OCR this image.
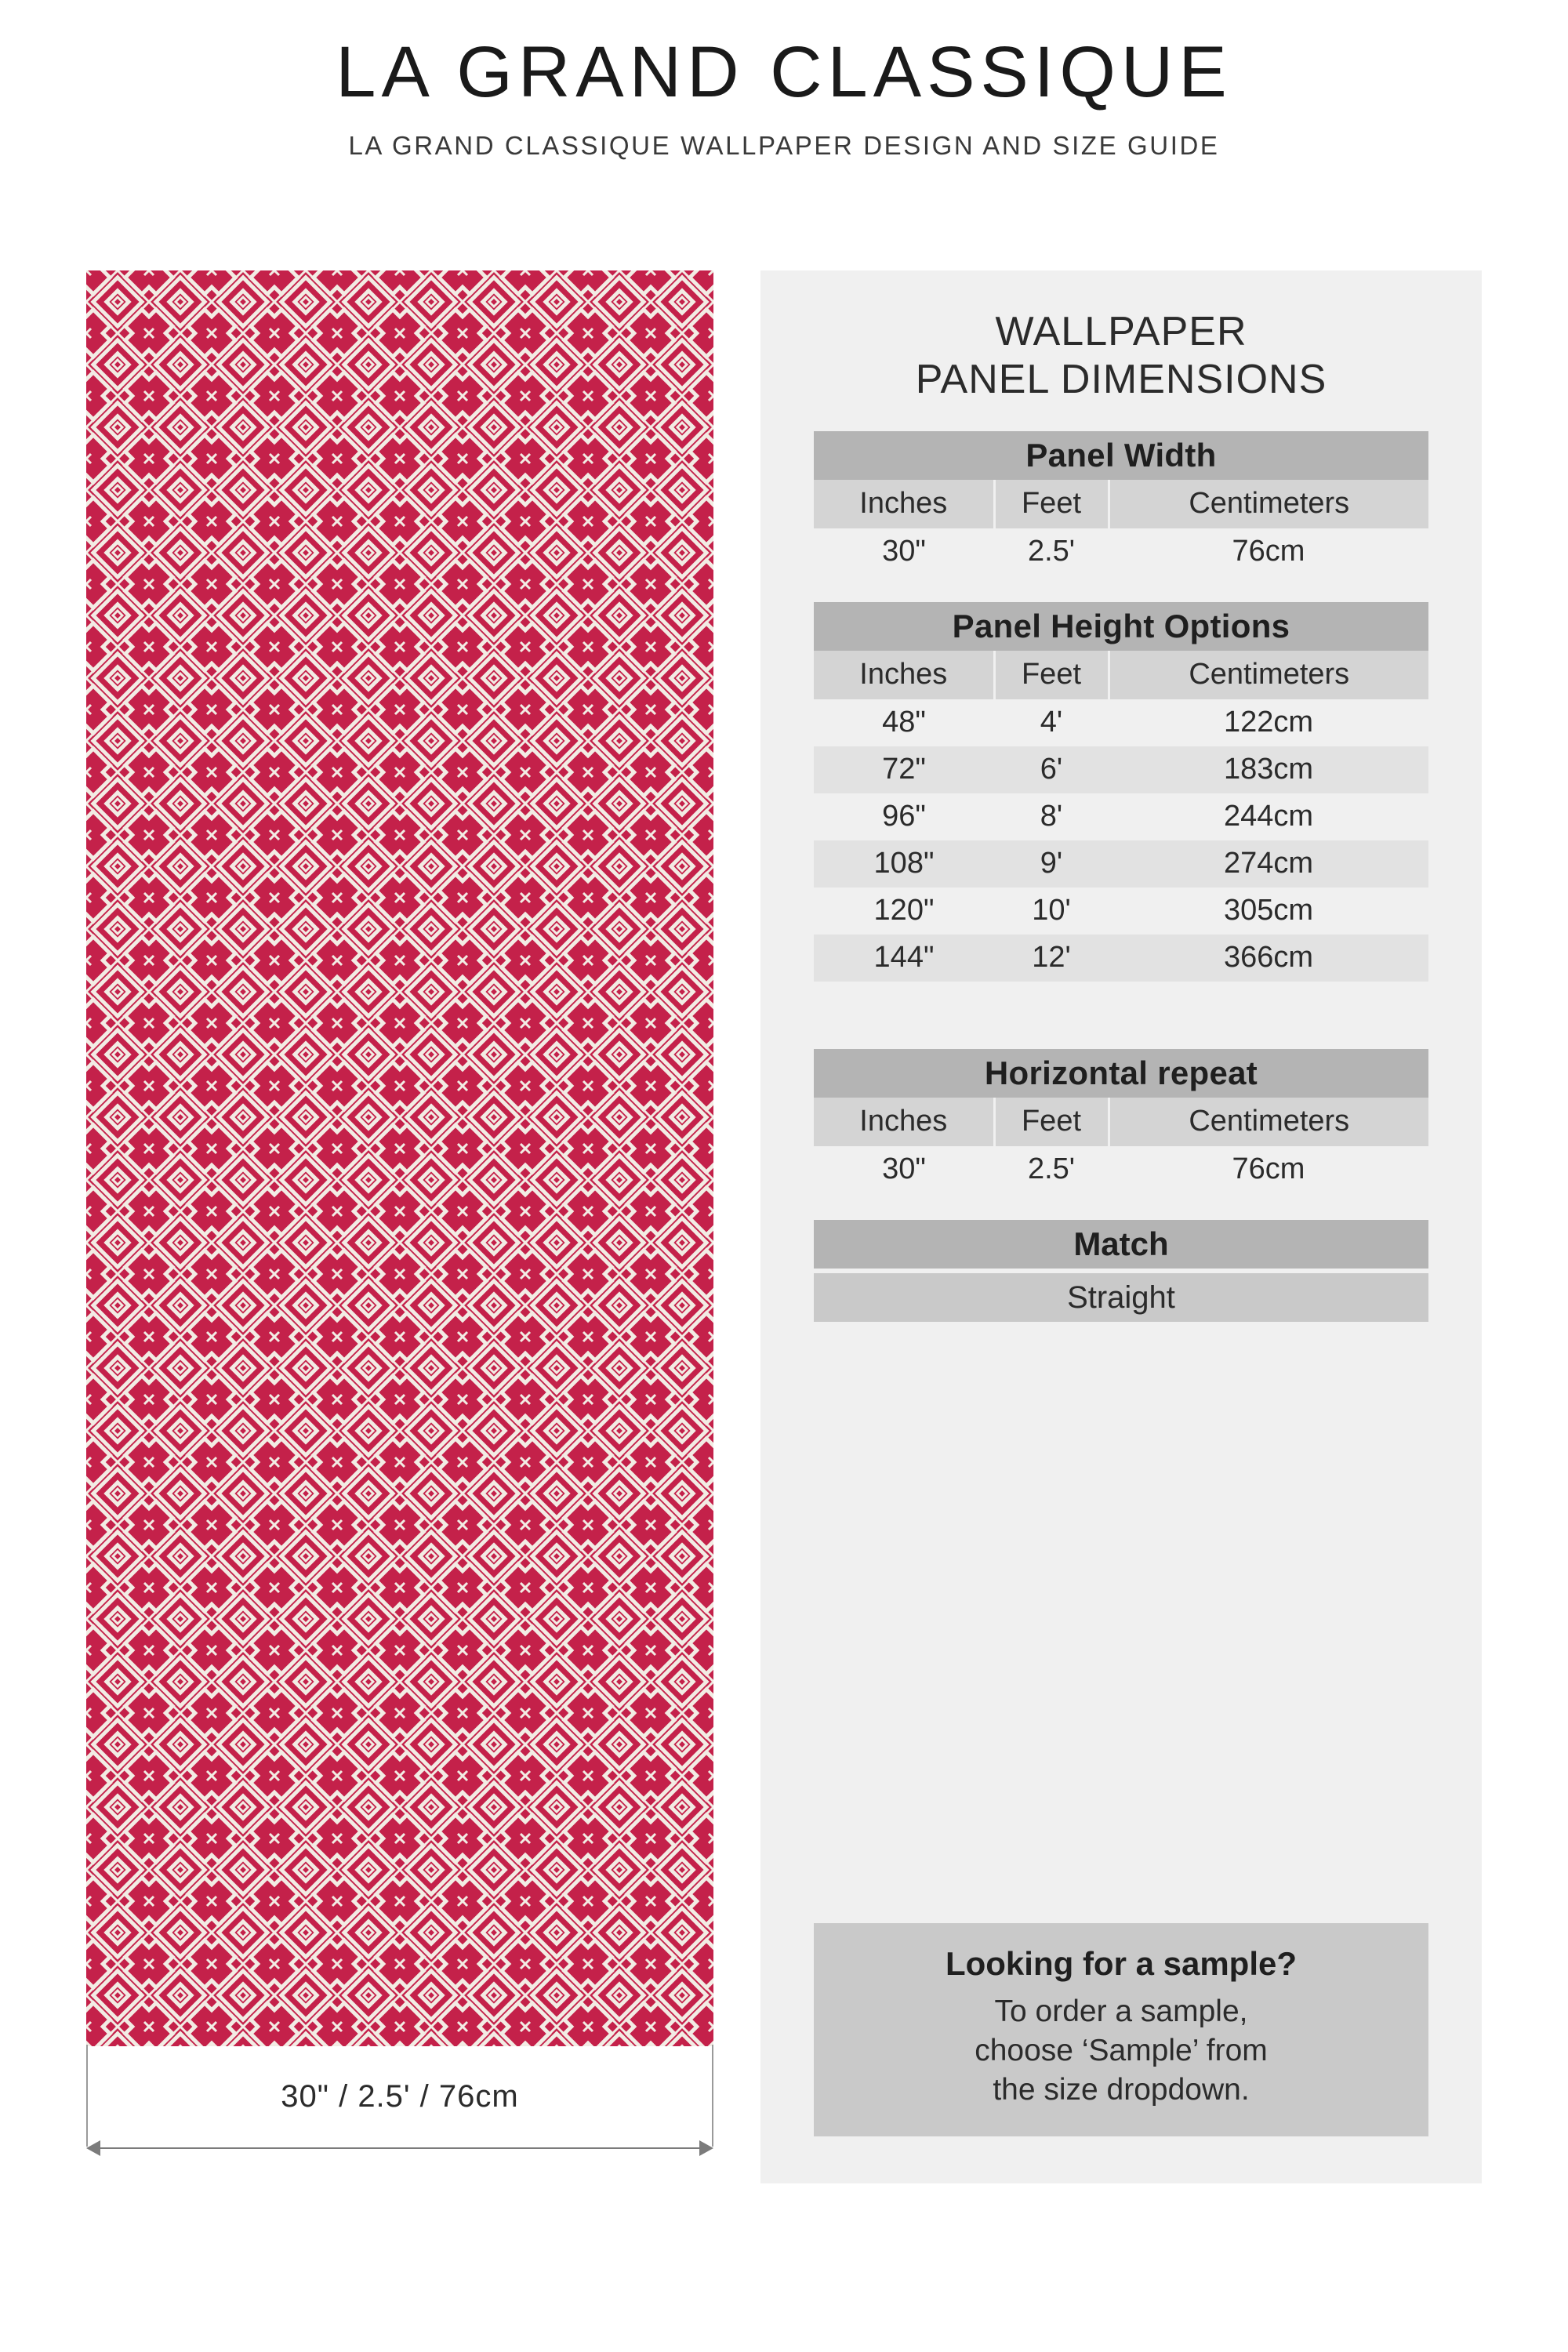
LA GRAND CLASSIQUE
LA GRAND CLASSIQUE WALLPAPER DESIGN AND SIZE GUIDE
30" / 2.5' / 76cm
WALLPAPER
PANEL DIMENSIONS
Panel Width		
Inches	Feet	Centimeters
30"	2.5'	76cm
Panel Height Options		
Inches	Feet	Centimeters
48"	4'	122cm
72"	6'	183cm
96"	8'	244cm
108"	9'	274cm
120"	10'	305cm
144"	12'	366cm
Horizontal repeat		
Inches	Feet	Centimeters
30"	2.5'	76cm
Match
Straight
Looking for a sample?
To order a sample,
choose ‘Sample’ from
the size dropdown.
